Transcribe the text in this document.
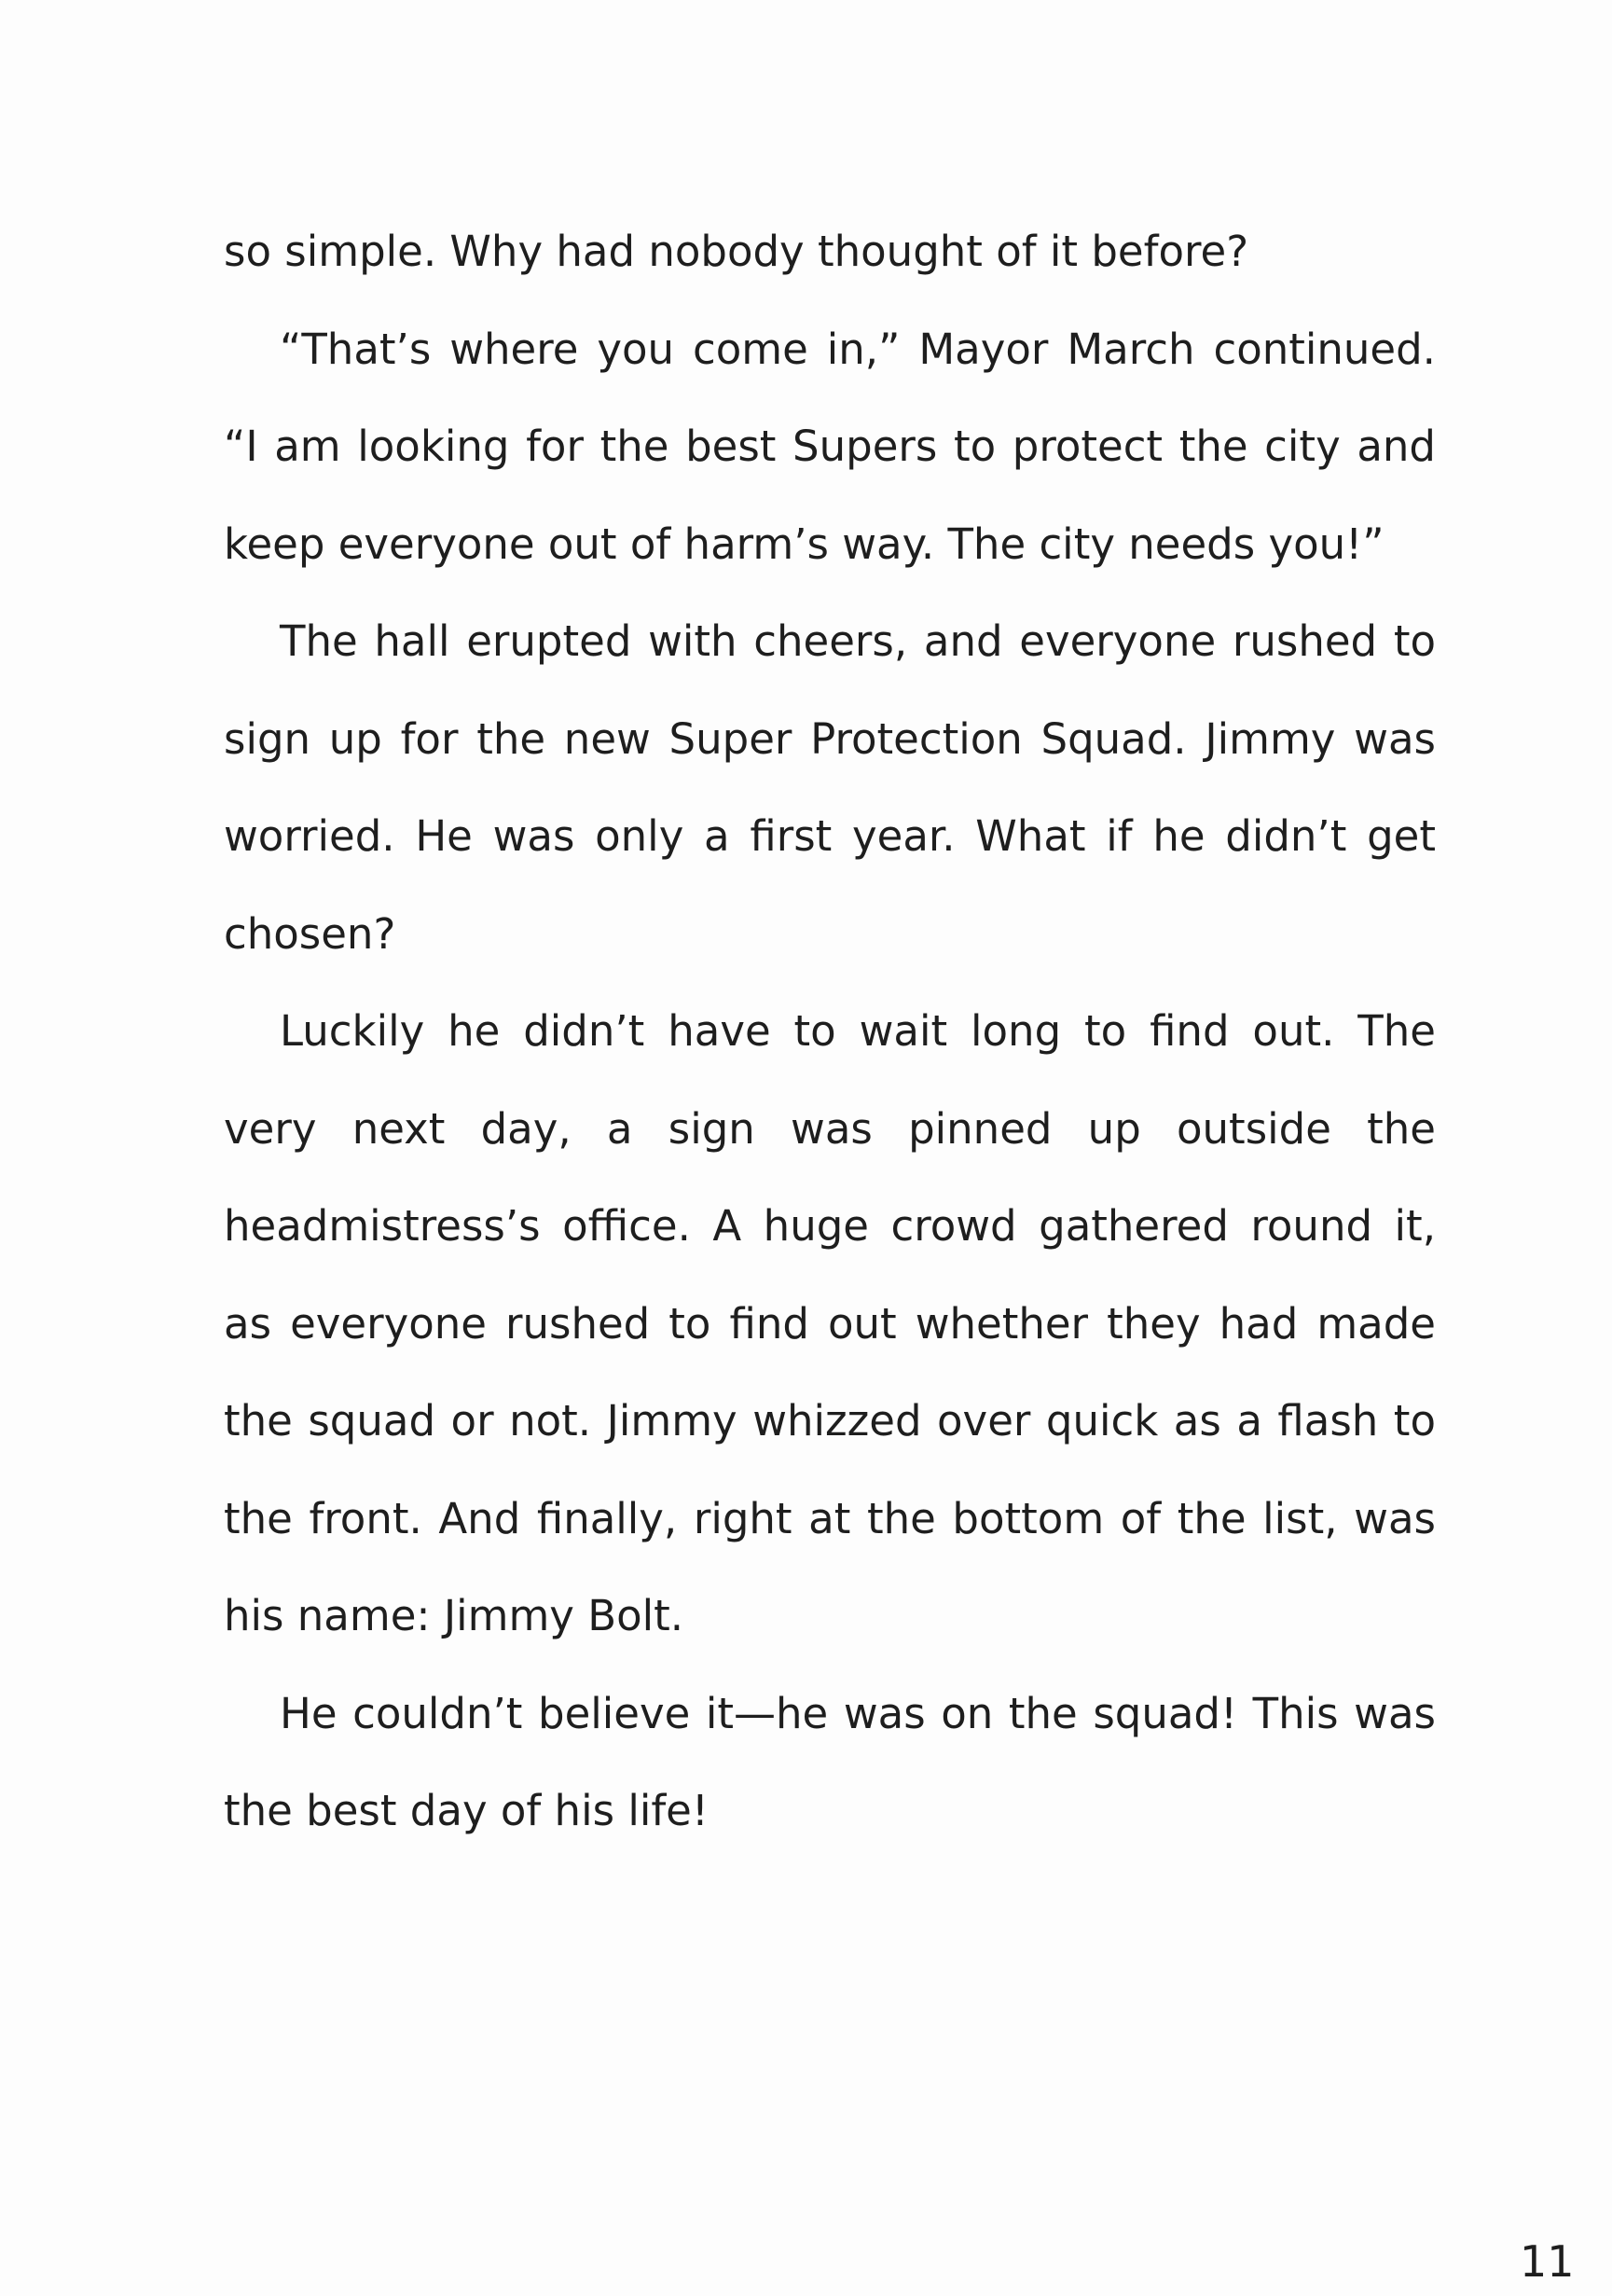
so simple. Why had nobody thought of it before?

“That’s where you come in,” Mayor March continued. “I am looking for the best Supers to protect the city and keep everyone out of harm’s way. The city needs you!”

The hall erupted with cheers, and everyone rushed to sign up for the new Super Protection Squad. Jimmy was worried. He was only a first year. What if he didn’t get chosen?

Luckily he didn’t have to wait long to find out. The very next day, a sign was pinned up outside the headmistress’s office. A huge crowd gathered round it, as everyone rushed to find out whether they had made the squad or not. Jimmy whizzed over quick as a flash to the front. And finally, right at the bottom of the list, was his name: Jimmy Bolt.

He couldn’t believe it—he was on the squad! This was the best day of his life!

11
